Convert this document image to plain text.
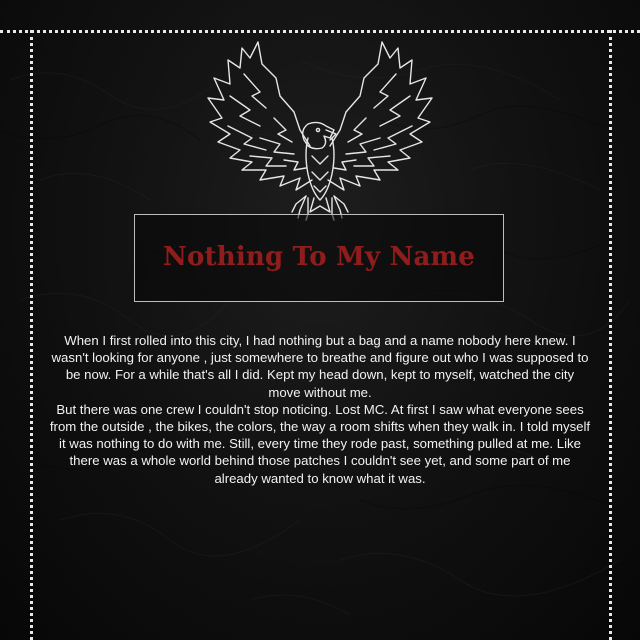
Nothing To My Name

When I first rolled into this city, I had nothing but a bag and a name nobody here knew. I wasn't looking for anyone , just somewhere to breathe and figure out who I was supposed to be now. For a while that's all I did. Kept my head down, kept to myself, watched the city move without me.

But there was one crew I couldn't stop noticing. Lost MC. At first I saw what everyone sees from the outside , the bikes, the colors, the way a room shifts when they walk in. I told myself it was nothing to do with me. Still, every time they rode past, something pulled at me. Like there was a whole world behind those patches I couldn't see yet, and some part of me already wanted to know what it was.
